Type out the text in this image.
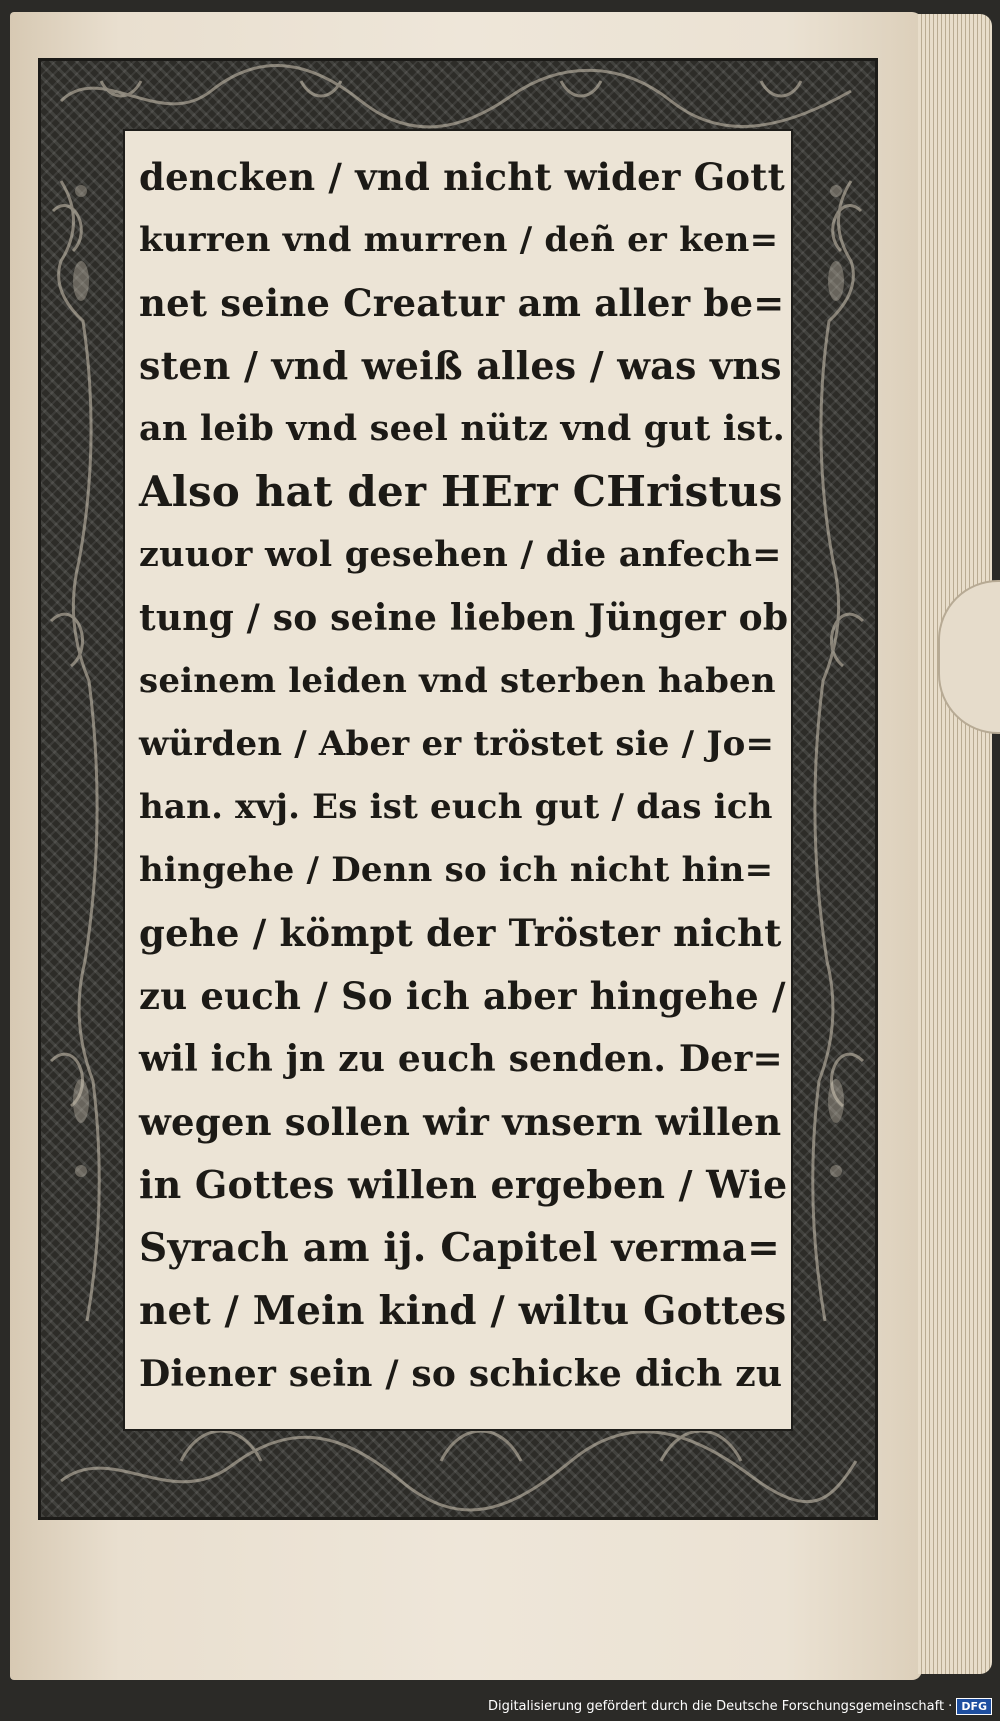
dencken / vnd nicht wider Gott
kurren vnd murren / deñ er ken=
net seine Creatur am aller be=
sten / vnd weiß alles / was vns
an leib vnd seel nütz vnd gut ist.
Also hat der HErr CHristus
zuuor wol gesehen / die anfech=
tung / so seine lieben Jünger ob
seinem leiden vnd sterben haben
würden / Aber er tröstet sie / Jo=
han. xvj. Es ist euch gut / das ich
hingehe / Denn so ich nicht hin=
gehe / kömpt der Tröster nicht
zu euch / So ich aber hingehe /
wil ich jn zu euch senden. Der=
wegen sollen wir vnsern willen
in Gottes willen ergeben / Wie
Syrach am ij. Capitel verma=
net / Mein kind / wiltu Gottes
Diener sein / so schicke dich zu
Digitalisierung gefördert durch die Deutsche Forschungsgemeinschaft · DFG
